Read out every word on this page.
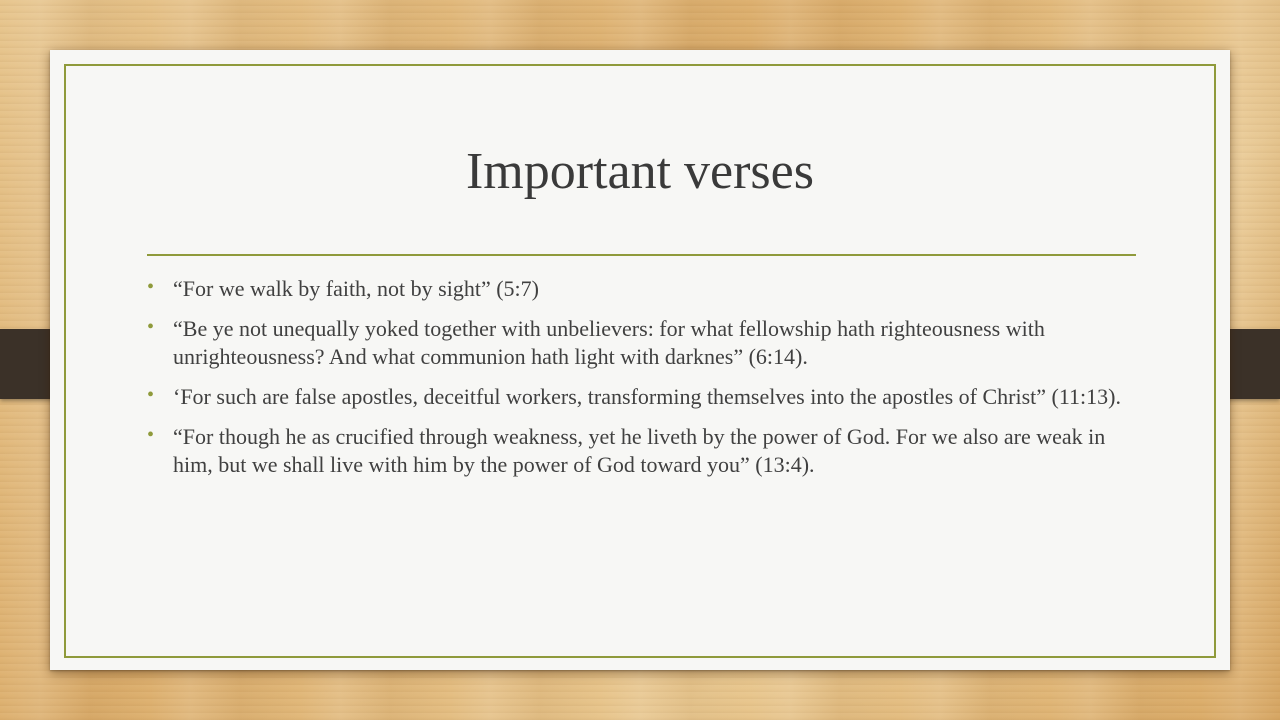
Important verses
• “For we walk by faith, not by sight” (5:7)
• “Be ye not unequally yoked together with unbelievers: for what fellowship hath righteousness with unrighteousness? And what communion hath light with darknes” (6:14).
• ‘For such are false apostles, deceitful workers, transforming themselves into the apostles of Christ” (11:13).
• “For though he as crucified through weakness, yet he liveth by the power of God. For we also are weak in him, but we shall live with him by the power of God toward you” (13:4).
